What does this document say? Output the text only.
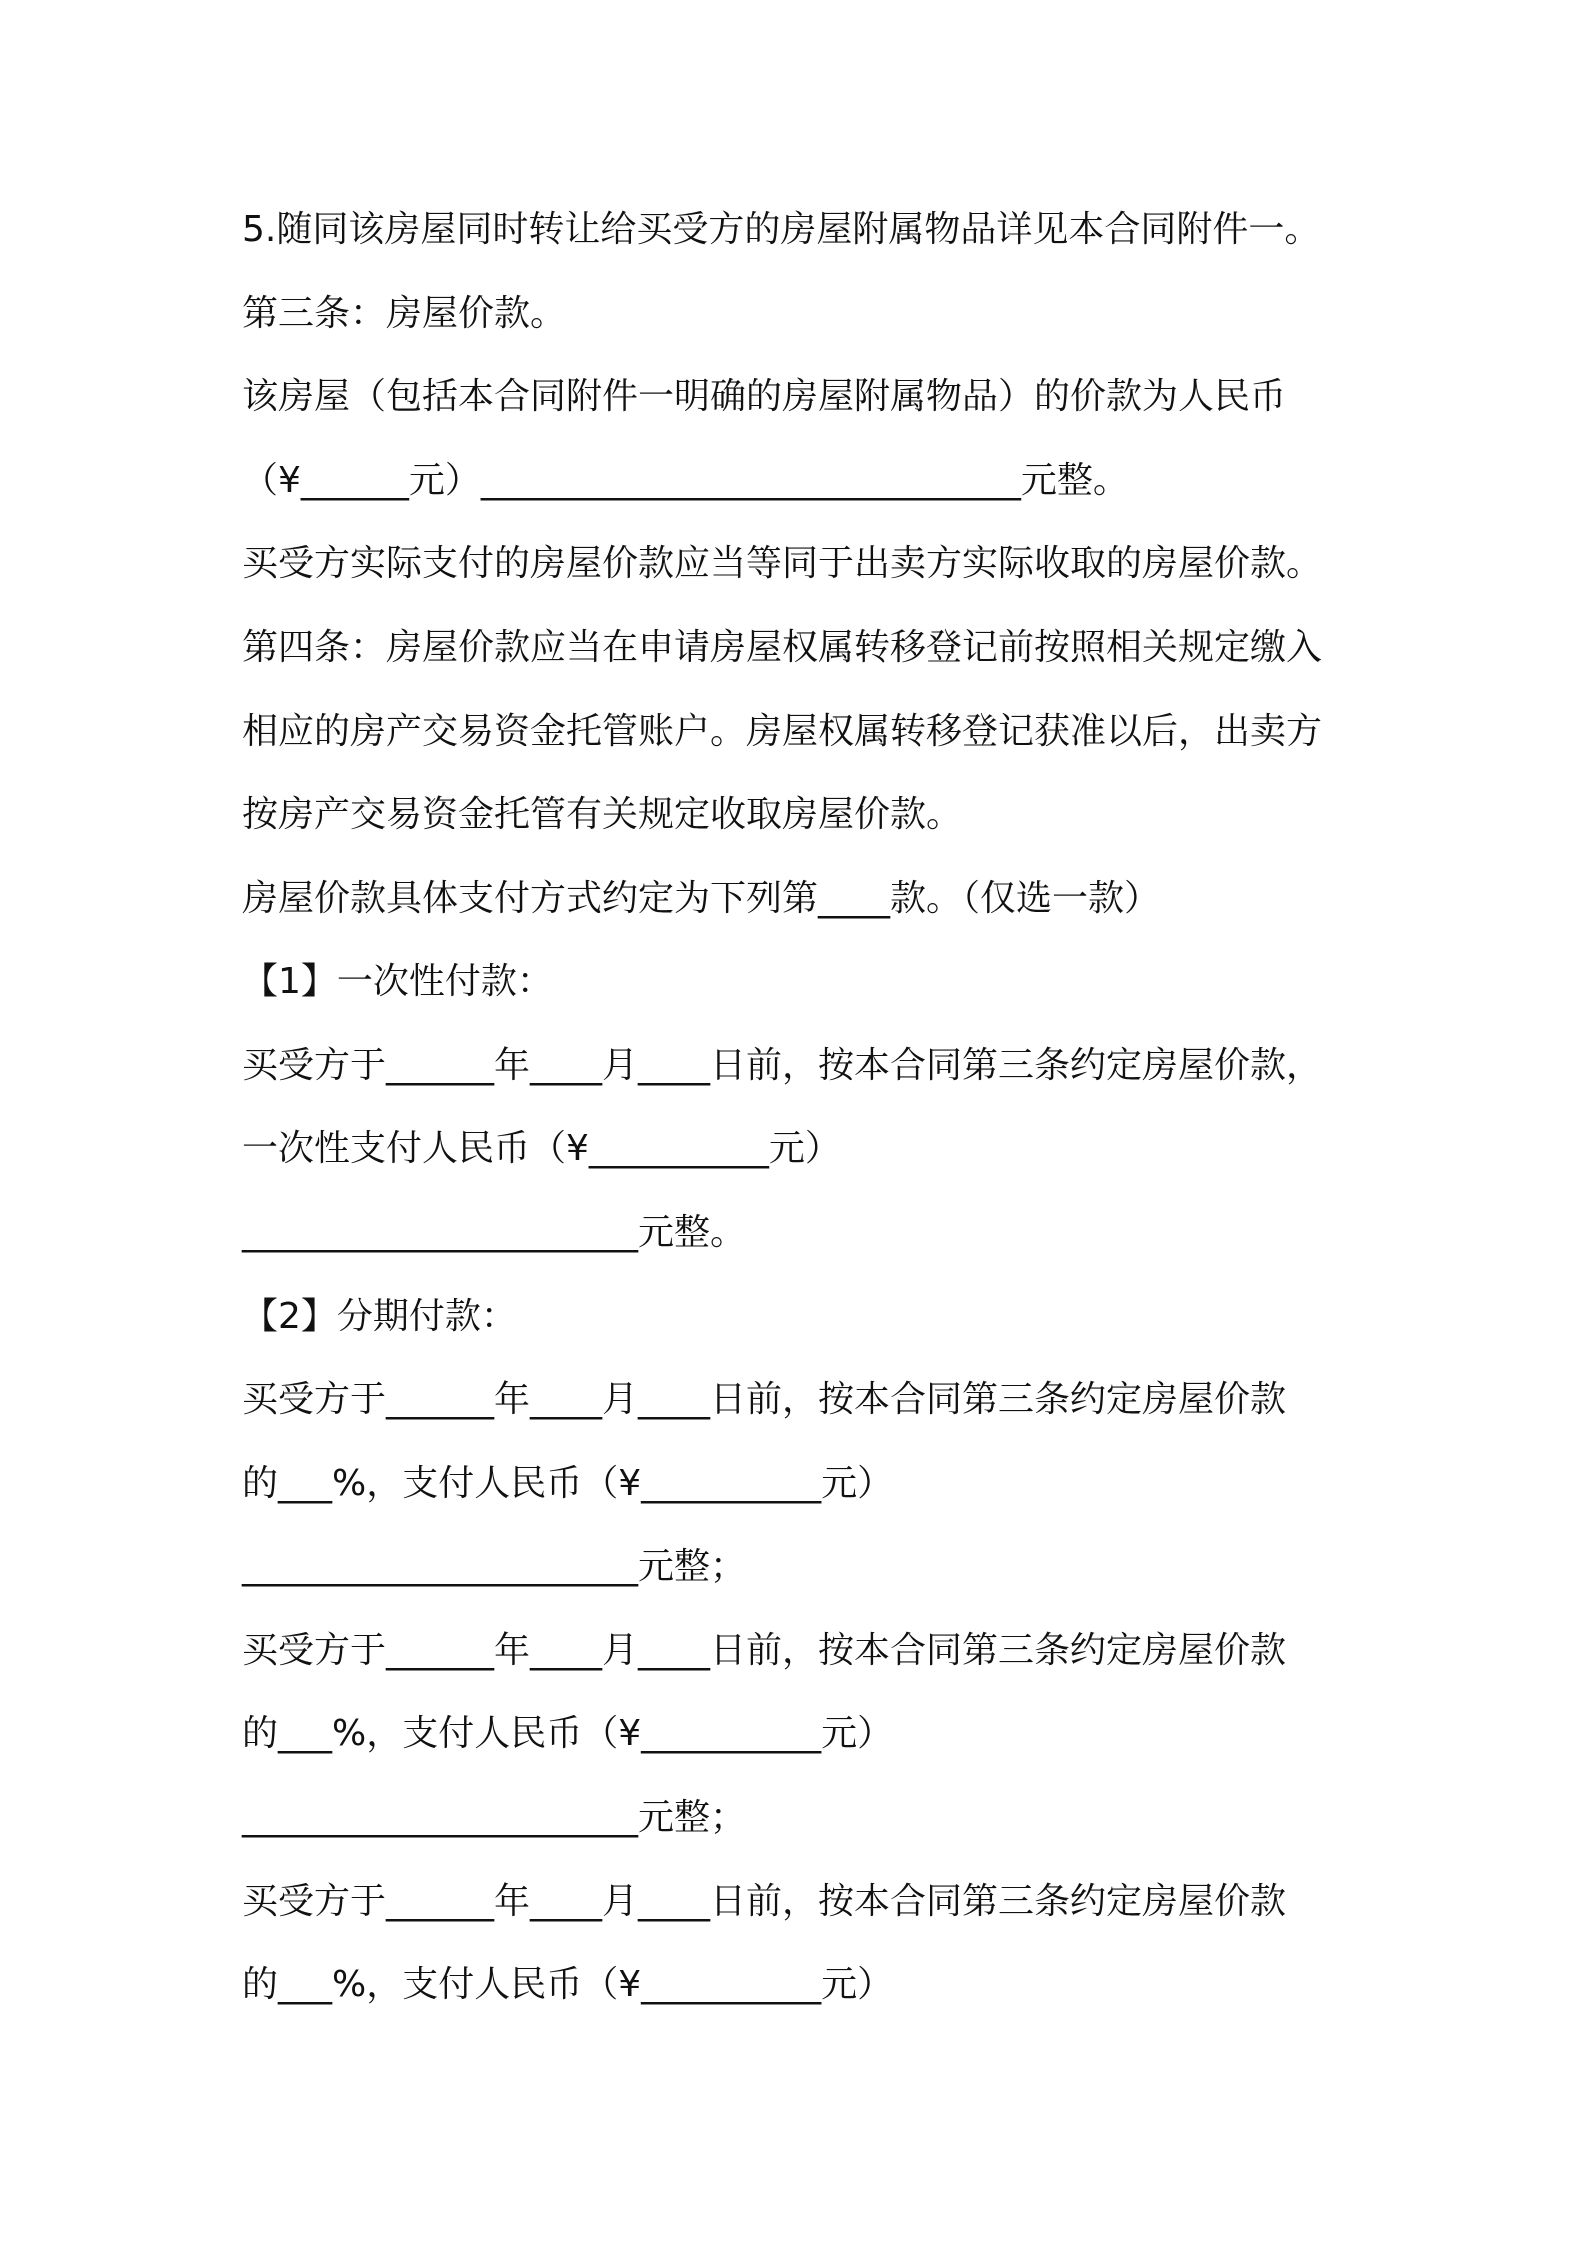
5.随同该房屋同时转让给买受方的房屋附属物品详见本合同附件一。
第三条：房屋价款。
该房屋（包括本合同附件一明确的房屋附属物品）的价款为人民币
（¥______元）______________________________元整。
买受方实际支付的房屋价款应当等同于出卖方实际收取的房屋价款。
第四条：房屋价款应当在申请房屋权属转移登记前按照相关规定缴入
相应的房产交易资金托管账户。房屋权属转移登记获准以后，出卖方
按房产交易资金托管有关规定收取房屋价款。
房屋价款具体支付方式约定为下列第____款。（仅选一款）
【1】一次性付款：
买受方于______年____月____日前，按本合同第三条约定房屋价款，
一次性支付人民币（¥__________元）
______________________元整。
【2】分期付款：
买受方于______年____月____日前，按本合同第三条约定房屋价款
的___%，支付人民币（¥__________元）
______________________元整；
买受方于______年____月____日前，按本合同第三条约定房屋价款
的___%，支付人民币（¥__________元）
______________________元整；
买受方于______年____月____日前，按本合同第三条约定房屋价款
的___%，支付人民币（¥__________元）
